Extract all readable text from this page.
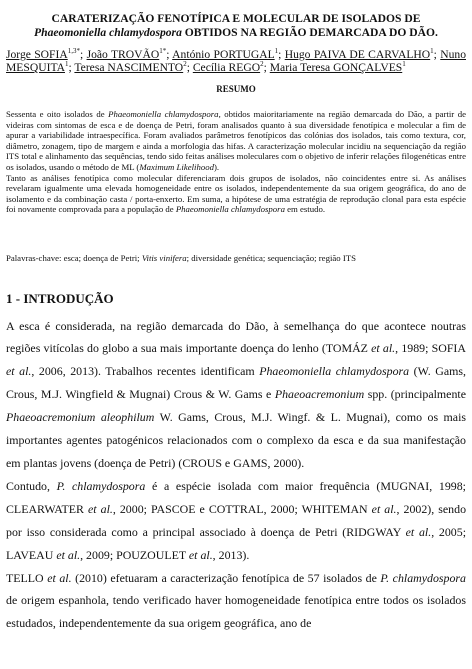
CARATERIZAÇÃO FENOTÍPICA E MOLECULAR DE ISOLADOS DE
Phaeomoniella chlamydospora OBTIDOS NA REGIÃO DEMARCADA DO DÃO.
Jorge $SOFIA^{1,3*}$; João $TROVÃO^{1*}$; António PORTUGAL$^1$; Hugo PAIVA DE CARVALHO$^1$; Nuno MESQUITA$^1$; Teresa NASCIMENTO$^2$; Cecília REGO$^2$; Maria Teresa GONÇALVES$^1$
RESUMO

Sessenta e oito isolados de Phaeomoniella chlamydospora, obtidos maioritariamente na região demarcada do Dão, a partir de videiras com sintomas de esca e de doença de Petri, foram analisados quanto à sua diversidade fenotípica e molecular a fim de apurar a variabilidade intraespecífica. Foram avaliados parâmetros fenotípicos das colónias dos isolados, tais como textura, cor, diâmetro, zonagem, tipo de margem e ainda a morfologia das hifas. A caracterização molecular incidiu na sequenciação da região ITS total e alinhamento das sequências, tendo sido feitas análises moleculares com o objetivo de inferir relações filogenéticas entre os isolados, usando o método de ML (Maximum Likelihood).

Tanto as análises fenotípica como molecular diferenciaram dois grupos de isolados, não coincidentes entre si. As análises revelaram igualmente uma elevada homogeneidade entre os isolados, independentemente da sua origem geográfica, do ano de isolamento e da combinação casta / porta-enxerto. Em suma, a hipótese de uma estratégia de reprodução clonal para esta espécie foi novamente comprovada para a população de Phaeomoniella chlamydospora em estudo.

Palavras-chave: esca; doença de Petri; Vitis vinifera; diversidade genética; sequenciação; região ITS
1 - INTRODUÇÃO

A esca é considerada, na região demarcada do Dão, à semelhança do que acontece noutras regiões vitícolas do globo a sua mais importante doença do lenho (TOMÁZ et al., 1989; SOFIA et al., 2006, 2013). Trabalhos recentes identificam Phaeomoniella chlamydospora (W. Gams, Crous, M.J. Wingfield & Mugnai) Crous & W. Gams e Phaeoacremonium spp. (principalmente Phaeoacremonium aleophilum W. Gams, Crous, M.J. Wingf. & L. Mugnai), como os mais importantes agentes patogénicos relacionados com o complexo da esca e da sua manifestação em plantas jovens (doença de Petri) (CROUS e GAMS, 2000).

Contudo, P. chlamydospora é a espécie isolada com maior frequência (MUGNAI, 1998; CLEARWATER et al., 2000; PASCOE e COTTRAL, 2000; WHITEMAN et al., 2002), sendo por isso considerada como a principal associado à doença de Petri (RIDGWAY et al., 2005; LAVEAU et al., 2009; POUZOULET et al., 2013).

TELLO et al. (2010) efetuaram a caracterização fenotípica de 57 isolados de P. chlamydospora de origem espanhola, tendo verificado haver homogeneidade fenotípica entre todos os isolados estudados, independentemente da sua origem geográfica, ano de
